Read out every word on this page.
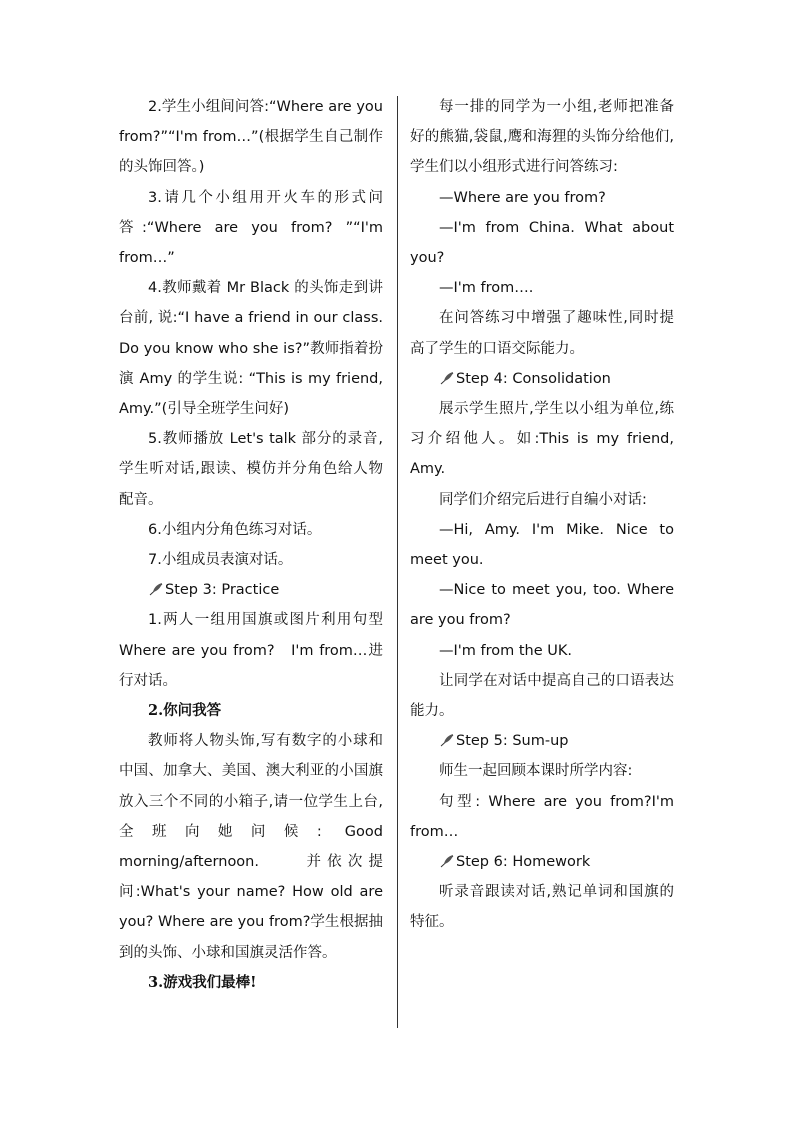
2.学生小组间问答:“Where are you from?”“I'm from…”(根据学生自己制作的头饰回答。)

3.请几个小组用开火车的形式问答:“Where are you from? ”“I'm from…”

4.教师戴着 Mr Black 的头饰走到讲台前, 说:“I have a friend in our class. Do you know who she is?”教师指着扮演 Amy 的学生说: “This is my friend, Amy.”(引导全班学生问好)

5.教师播放 Let's talk 部分的录音, 学生听对话,跟读、模仿并分角色给人物配音。

6.小组内分角色练习对话。

7.小组成员表演对话。

Step 3: Practice

1.两人一组用国旗或图片利用句型 Where are you from?　I'm from…进行对话。

2.你问我答

教师将人物头饰,写有数字的小球和中国、加拿大、美国、澳大利亚的小国旗放入三个不同的小箱子,请一位学生上台, 全班向她问候: Good morning/afternoon.　　并依次提问:What's your name? How old are you? Where are you from?学生根据抽到的头饰、小球和国旗灵活作答。

3.游戏我们最棒!

每一排的同学为一小组,老师把准备好的熊猫,袋鼠,鹰和海狸的头饰分给他们,学生们以小组形式进行问答练习:

—Where are you from?

—I'm from China. What about you?

—I'm from….

在问答练习中增强了趣味性,同时提高了学生的口语交际能力。

Step 4: Consolidation

展示学生照片,学生以小组为单位,练习介绍他人。如:This is my friend, Amy.

同学们介绍完后进行自编小对话:

—Hi, Amy. I'm Mike. Nice to meet you.

—Nice to meet you, too. Where are you from?

—I'm from the UK.

让同学在对话中提高自己的口语表达能力。

Step 5: Sum-up

师生一起回顾本课时所学内容:

句型: Where are you from?I'm from…

Step 6: Homework

听录音跟读对话,熟记单词和国旗的特征。
